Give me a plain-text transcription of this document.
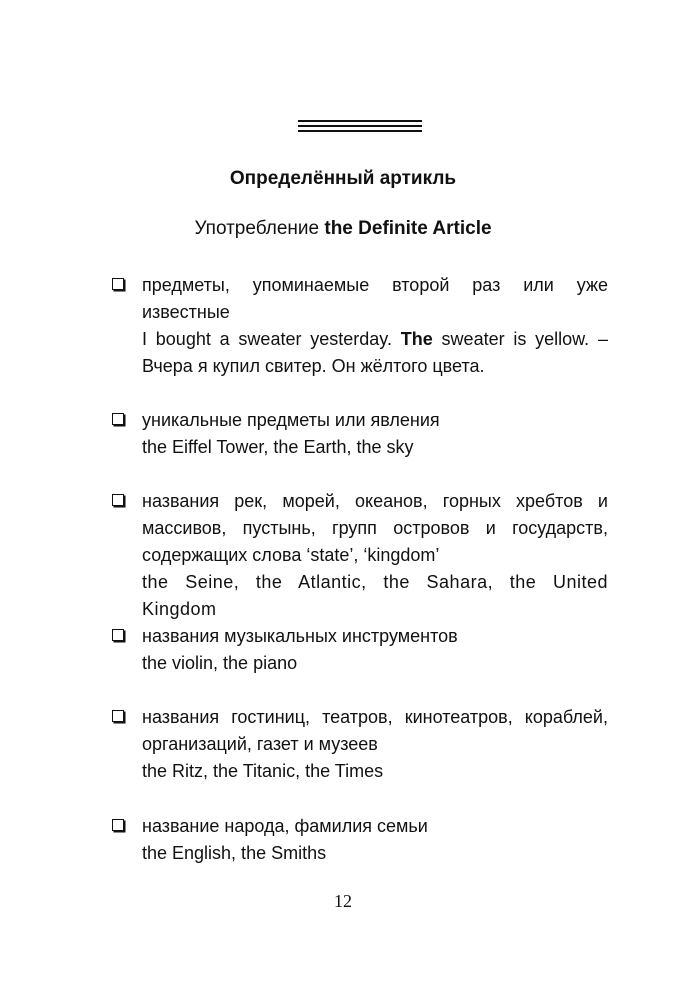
Определённый артикль
Употребление the Definite Article
предметы, упоминаемые второй раз или уже известные
I bought a sweater yesterday. The sweater is yellow. – Вчера я купил свитер. Он жёлтого цвета.
уникальные предметы или явления
the Eiffel Tower, the Earth, the sky
названия рек, морей, океанов, горных хребтов и массивов, пустынь, групп островов и государств, содержащих слова ‘state’, ‘kingdom’
the Seine, the Atlantic, the Sahara, the United Kingdom
названия музыкальных инструментов
the violin, the piano
названия гостиниц, театров, кинотеатров, кораблей, организаций, газет и музеев
the Ritz, the Titanic, the Times
название народа, фамилия семьи
the English, the Smiths
12
